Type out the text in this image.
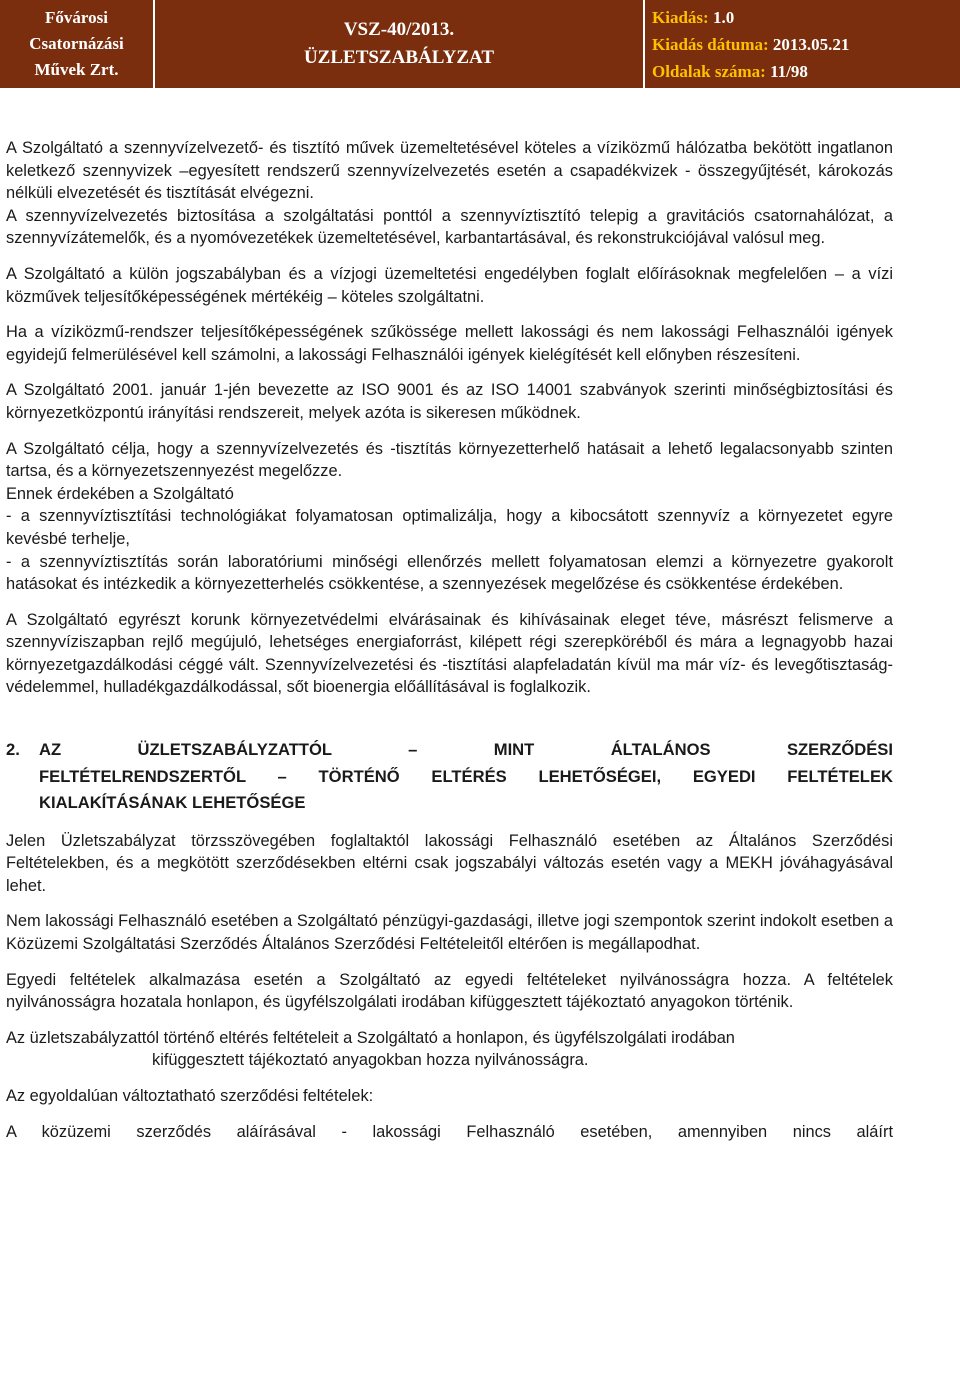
Fővárosi
Csatornázási
Művek Zrt.
VSZ-40/2013.
ÜZLETSZABÁLYZAT
Kiadás: 1.0
Kiadás dátuma: 2013.05.21
Oldalak száma: 11/98

A Szolgáltató a szennyvízelvezető- és tisztító művek üzemeltetésével köteles a víziközmű hálózatba bekötött ingatlanon keletkező szennyvizek –egyesített rendszerű szennyvízelvezetés esetén a csapadékvizek - összegyűjtését, károkozás nélküli elvezetését és tisztítását elvégezni.

A szennyvízelvezetés biztosítása a szolgáltatási ponttól a szennyvíztisztító telepig a gravitációs csatornahálózat, a szennyvízátemelők, és a nyomóvezetékek üzemeltetésével, karbantartásával, és rekonstrukciójával valósul meg.

A Szolgáltató a külön jogszabályban és a vízjogi üzemeltetési engedélyben foglalt előírásoknak megfelelően – a vízi közművek teljesítőképességének mértékéig – köteles szolgáltatni.

Ha a víziközmű-rendszer teljesítőképességének szűkössége mellett lakossági és nem lakossági Felhasználói igények egyidejű felmerülésével kell számolni, a lakossági Felhasználói igények kielégítését kell előnyben részesíteni.

A Szolgáltató 2001. január 1-jén bevezette az ISO 9001 és az ISO 14001 szabványok szerinti minőségbiztosítási és környezetközpontú irányítási rendszereit, melyek azóta is sikeresen működnek.

A Szolgáltató célja, hogy a szennyvízelvezetés és -tisztítás környezetterhelő hatásait a lehető legalacsonyabb szinten tartsa, és a környezetszennyezést megelőzze.

Ennek érdekében a Szolgáltató

- a szennyvíztisztítási technológiákat folyamatosan optimalizálja, hogy a kibocsátott szennyvíz a környezetet egyre kevésbé terhelje,

- a szennyvíztisztítás során laboratóriumi minőségi ellenőrzés mellett folyamatosan elemzi a környezetre gyakorolt hatásokat és intézkedik a környezetterhelés csökkentése, a szennyezések megelőzése és csökkentése érdekében.

A Szolgáltató egyrészt korunk környezetvédelmi elvárásainak és kihívásainak eleget téve, másrészt felismerve a szennyvíziszapban rejlő megújuló, lehetséges energiaforrást, kilépett régi szerepköréből és mára a legnagyobb hazai környezetgazdálkodási céggé vált. Szennyvízelvezetési és -tisztítási alapfeladatán kívül ma már víz- és levegőtisztaság-védelemmel, hulladékgazdálkodással, sőt bioenergia előállításával is foglalkozik.

2. AZ ÜZLETSZABÁLYZATTÓL – MINT ÁLTALÁNOS SZERZŐDÉSI
FELTÉTELRENDSZERTŐL – TÖRTÉNŐ ELTÉRÉS LEHETŐSÉGEI, EGYEDI FELTÉTELEK
KIALAKÍTÁSÁNAK LEHETŐSÉGE

Jelen Üzletszabályzat törzsszövegében foglaltaktól lakossági Felhasználó esetében az Általános Szerződési Feltételekben, és a megkötött szerződésekben eltérni csak jogszabályi változás esetén vagy a MEKH jóváhagyásával lehet.

Nem lakossági Felhasználó esetében a Szolgáltató pénzügyi-gazdasági, illetve jogi szempontok szerint indokolt esetben a Közüzemi Szolgáltatási Szerződés Általános Szerződési Feltételeitől eltérően is megállapodhat.

Egyedi feltételek alkalmazása esetén a Szolgáltató az egyedi feltételeket nyilvánosságra hozza. A feltételek nyilvánosságra hozatala honlapon, és ügyfélszolgálati irodában kifüggesztett tájékoztató anyagokon történik.

Az üzletszabályzattól történő eltérés feltételeit a Szolgáltató a honlapon, és ügyfélszolgálati irodában
kifüggesztett tájékoztató anyagokban hozza nyilvánosságra.

Az egyoldalúan változtatható szerződési feltételek:

A közüzemi szerződés aláírásával - lakossági Felhasználó esetében, amennyiben nincs aláírt
